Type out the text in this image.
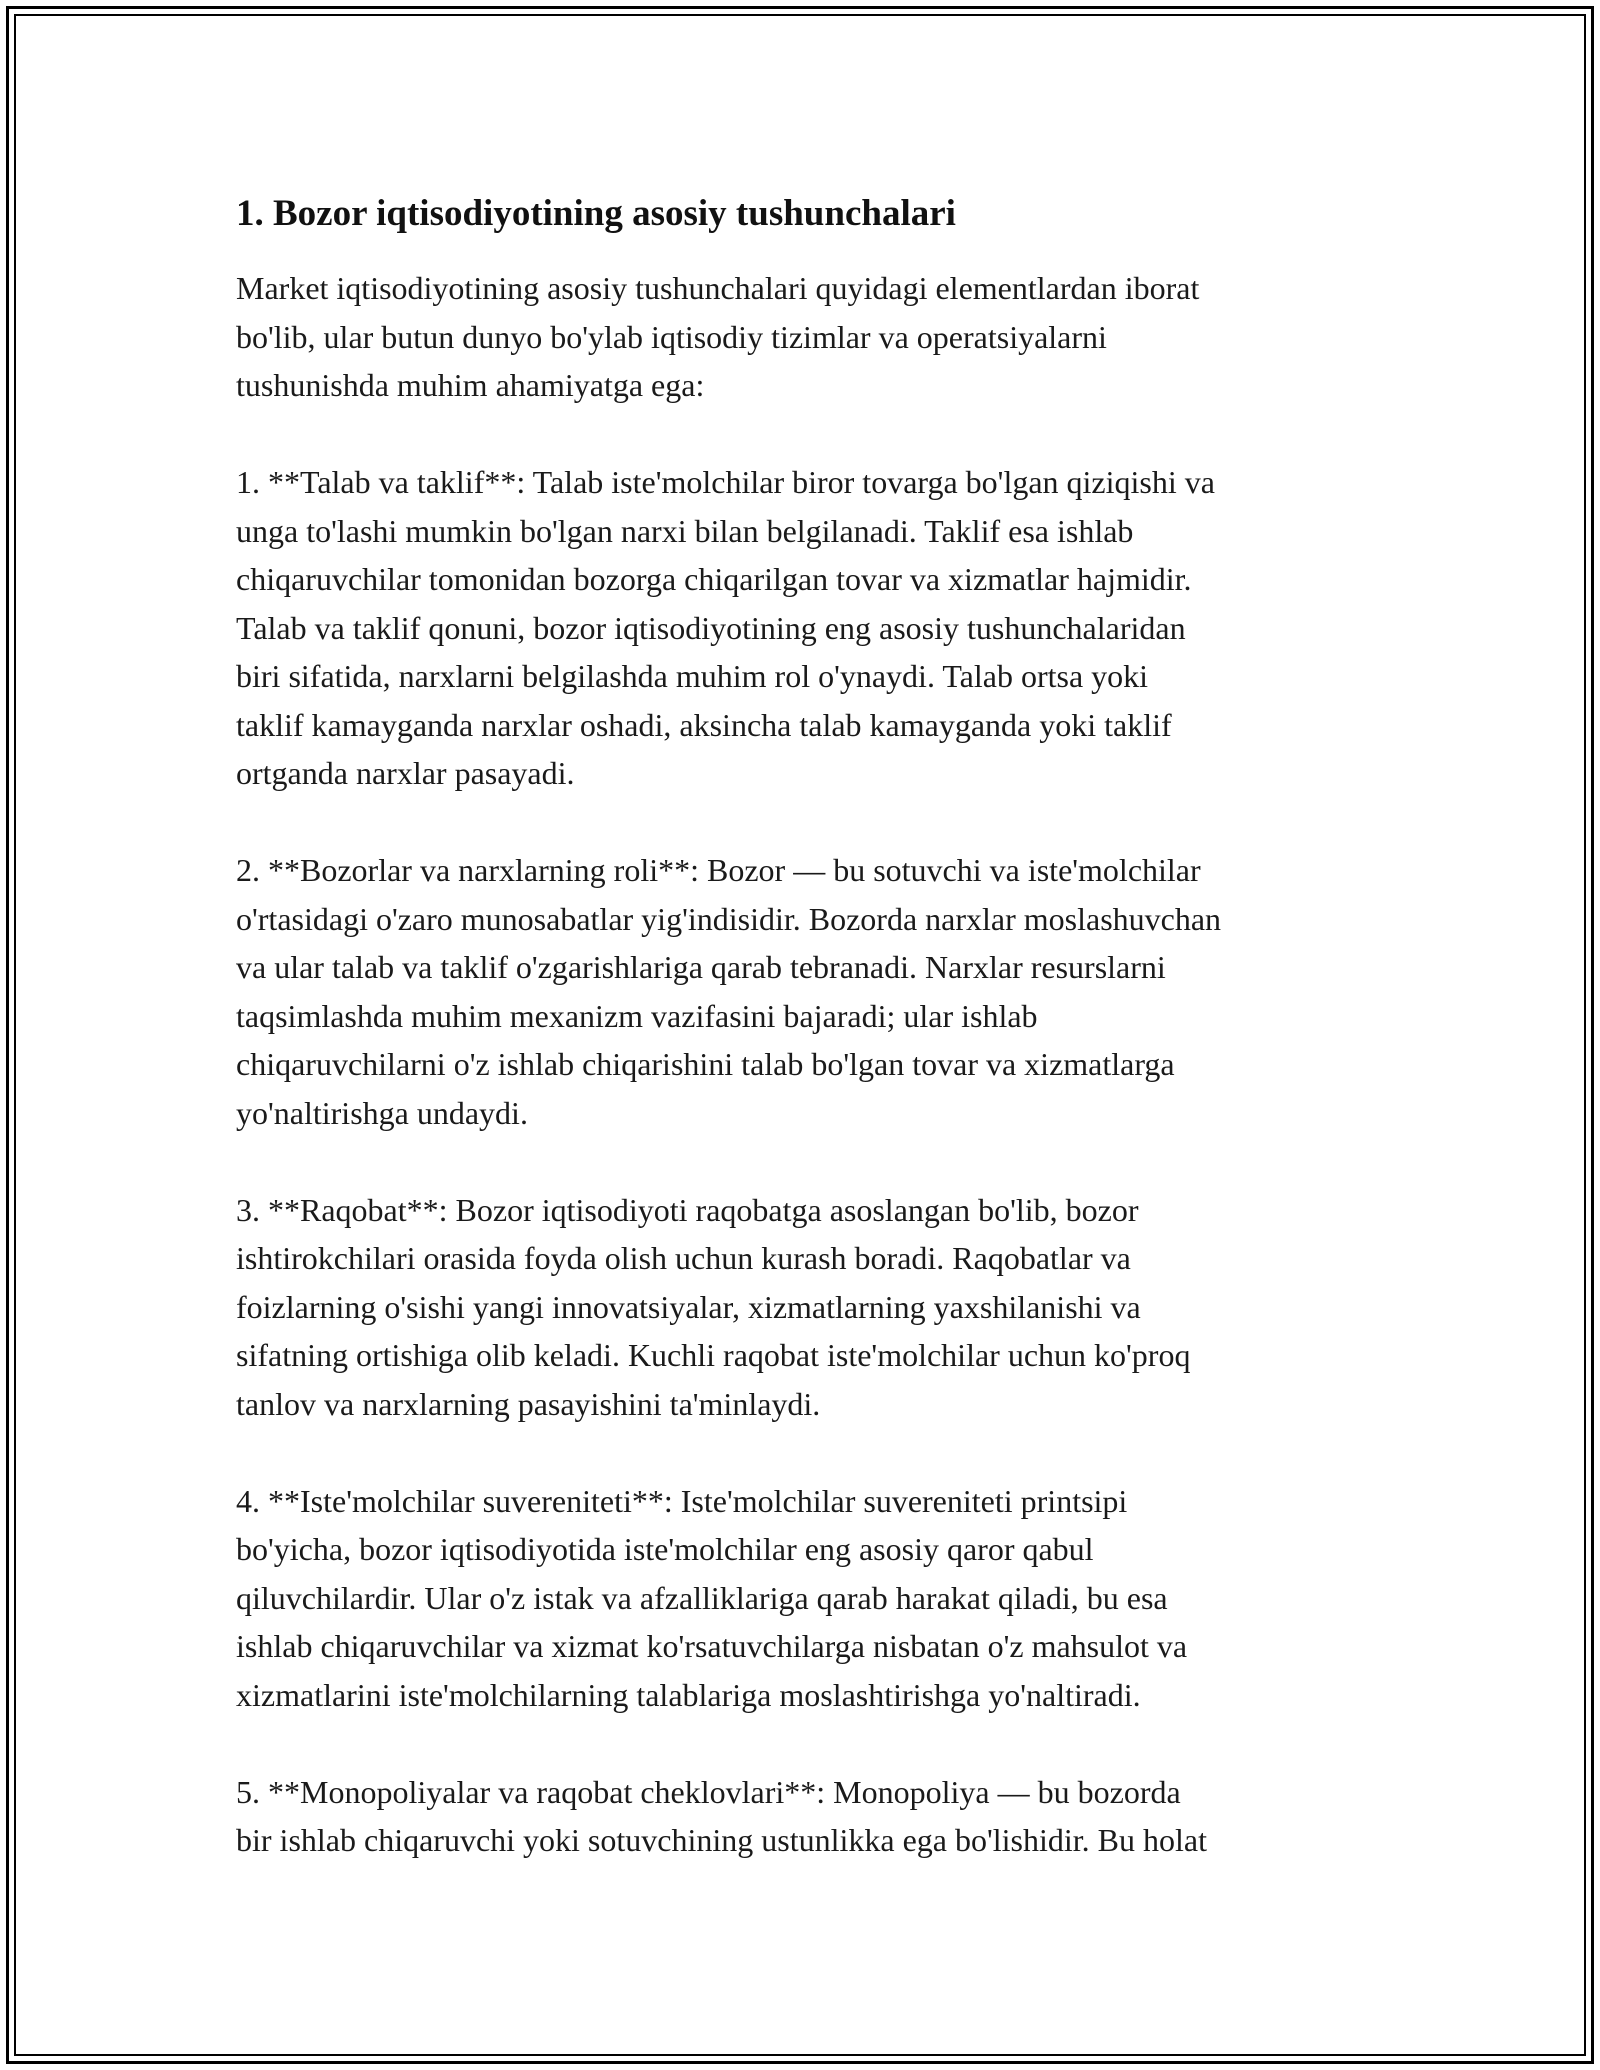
1. Bozor iqtisodiyotining asosiy tushunchalari
Market iqtisodiyotining asosiy tushunchalari quyidagi elementlardan iborat
bo'lib, ular butun dunyo bo'ylab iqtisodiy tizimlar va operatsiyalarni
tushunishda muhim ahamiyatga ega:
1. **Talab va taklif**: Talab iste'molchilar biror tovarga bo'lgan qiziqishi va
unga to'lashi mumkin bo'lgan narxi bilan belgilanadi. Taklif esa ishlab
chiqaruvchilar tomonidan bozorga chiqarilgan tovar va xizmatlar hajmidir.
Talab va taklif qonuni, bozor iqtisodiyotining eng asosiy tushunchalaridan
biri sifatida, narxlarni belgilashda muhim rol o'ynaydi. Talab ortsa yoki
taklif kamayganda narxlar oshadi, aksincha talab kamayganda yoki taklif
ortganda narxlar pasayadi.
2. **Bozorlar va narxlarning roli**: Bozor — bu sotuvchi va iste'molchilar
o'rtasidagi o'zaro munosabatlar yig'indisidir. Bozorda narxlar moslashuvchan
va ular talab va taklif o'zgarishlariga qarab tebranadi. Narxlar resurslarni
taqsimlashda muhim mexanizm vazifasini bajaradi; ular ishlab
chiqaruvchilarni o'z ishlab chiqarishini talab bo'lgan tovar va xizmatlarga
yo'naltirishga undaydi.
3. **Raqobat**: Bozor iqtisodiyoti raqobatga asoslangan bo'lib, bozor
ishtirokchilari orasida foyda olish uchun kurash boradi. Raqobatlar va
foizlarning o'sishi yangi innovatsiyalar, xizmatlarning yaxshilanishi va
sifatning ortishiga olib keladi. Kuchli raqobat iste'molchilar uchun ko'proq
tanlov va narxlarning pasayishini ta'minlaydi.
4. **Iste'molchilar suvereniteti**: Iste'molchilar suvereniteti printsipi
bo'yicha, bozor iqtisodiyotida iste'molchilar eng asosiy qaror qabul
qiluvchilardir. Ular o'z istak va afzalliklariga qarab harakat qiladi, bu esa
ishlab chiqaruvchilar va xizmat ko'rsatuvchilarga nisbatan o'z mahsulot va
xizmatlarini iste'molchilarning talablariga moslashtirishga yo'naltiradi.
5. **Monopoliyalar va raqobat cheklovlari**: Monopoliya — bu bozorda
bir ishlab chiqaruvchi yoki sotuvchining ustunlikka ega bo'lishidir. Bu holat
